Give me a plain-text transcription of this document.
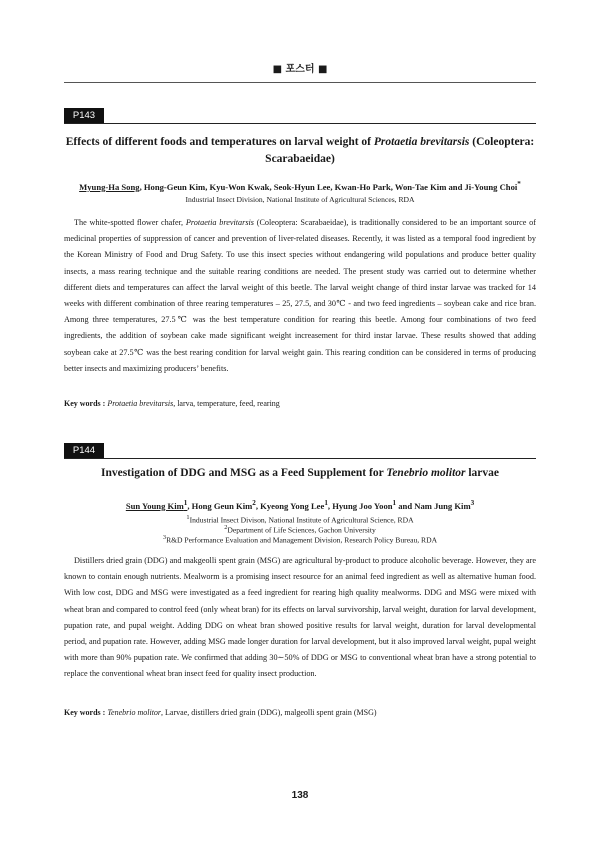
■ 포스터 ■
P143
Effects of different foods and temperatures on larval weight of Protaetia brevitarsis (Coleoptera: Scarabaeidae)
Myung-Ha Song, Hong-Geun Kim, Kyu-Won Kwak, Seok-Hyun Lee, Kwan-Ho Park, Won-Tae Kim and Ji-Young Choi*
Industrial Insect Division, National Institute of Agricultural Sciences, RDA

The white-spotted flower chafer, Protaetia brevitarsis (Coleoptera: Scarabaeidae), is traditionally considered to be an important source of medicinal properties of suppression of cancer and prevention of liver-related diseases. Recently, it was listed as a temporal food ingredient by the Korean Ministry of Food and Drug Safety. To use this insect species without endangering wild populations and produce better quality insects, a mass rearing technique and the suitable rearing conditions are needed. The present study was carried out to determine whether different diets and temperatures can affect the larval weight of this beetle. The larval weight change of third instar larvae was tracked for 14 weeks with different combination of three rearing temperatures – 25, 27.5, and 30℃ - and two feed ingredients – soybean cake and rice bran. Among three temperatures, 27.5℃ was the best temperature condition for rearing this beetle. Among four combinations of two feed ingredients, the addition of soybean cake made significant weight increasement for third instar larvae. These results showed that adding soybean cake at 27.5℃ was the best rearing condition for larval weight gain. This rearing condition can be considered in terms of producing better insects and maximizing producers’ benefits.

Key words : Protaetia brevitarsis, larva, temperature, feed, rearing
P144
Investigation of DDG and MSG as a Feed Supplement for Tenebrio molitor larvae
Sun Young Kim$^1$, Hong Geun Kim$^2$, Kyeong Yong Lee$^1$, Hyung Joo Yoon$^1$ and Nam Jung Kim$^3$
$^1$Industrial Insect Divison, National Institute of Agricultural Science, RDA
$^2$Department of Life Sciences, Gachon University
$^3$R&D Performance Evaluation and Management Division, Research Policy Bureau, RDA

Distillers dried grain (DDG) and makgeolli spent grain (MSG) are agricultural by-product to produce alcoholic beverage. However, they are known to contain enough nutrients. Mealworm is a promising insect resource for an animal feed ingredient as well as alternative human food. With low cost, DDG and MSG were investigated as a feed ingredient for rearing high quality mealworms. DDG and MSG were mixed with wheat bran and compared to control feed (only wheat bran) for its effects on larval survivorship, larval weight, duration for larval development, pupation rate, and pupal weight. Adding DDG on wheat bran showed positive results for larval weight, duration for larval developmental period, and pupation rate. However, adding MSG made longer duration for larval development, but it also improved larval weight, pupal weight with more than 90% pupation rate. We confirmed that adding 30∼50% of DDG or MSG to conventional wheat bran have a strong potential to replace the conventional wheat bran insect feed for quality insect production.

Key words : Tenebrio molitor, Larvae, distillers dried grain (DDG), malgeolli spent grain (MSG)
138
